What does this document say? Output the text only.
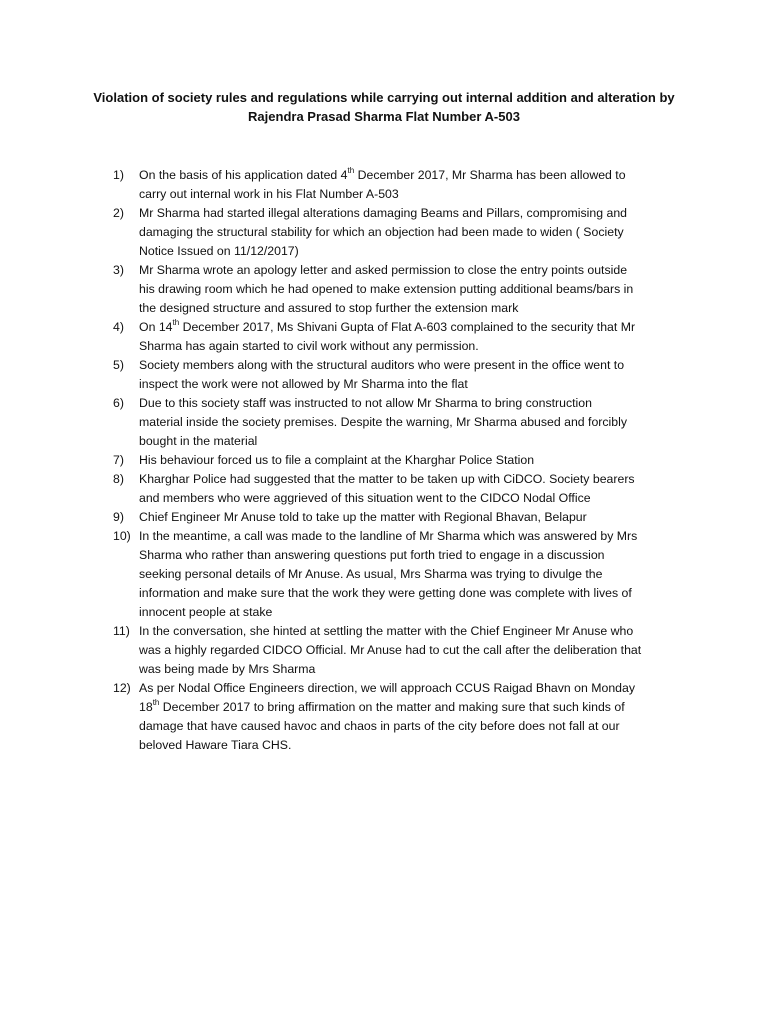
Violation of society rules and regulations while carrying out internal addition and alteration by
Rajendra Prasad Sharma Flat Number A-503
1)	On the basis of his application dated 4th December 2017, Mr Sharma has been allowed to
carry out internal work in his Flat Number A-503
2)	Mr Sharma had started illegal alterations damaging Beams and Pillars, compromising and
damaging the structural stability for which an objection had been made to widen ( Society
Notice Issued on 11/12/2017)
3)	Mr Sharma wrote an apology letter and asked permission to close the entry points outside
his drawing room which he had opened to make extension putting additional beams/bars in
the designed structure and assured to stop further the extension mark
4)	On 14th December 2017, Ms Shivani Gupta of Flat A-603 complained to the security that Mr
Sharma has again started to civil work without any permission.
5)	Society members along with the structural auditors who were present in the office went to
inspect the work were not allowed by Mr Sharma into the flat
6)	Due to this society staff was instructed to not allow Mr Sharma to bring construction
material inside the society premises. Despite the warning, Mr Sharma abused and forcibly
bought in the material
7)	His behaviour forced us to file a complaint at the Kharghar Police Station
8)	Kharghar Police had suggested that the matter to be taken up with CiDCO. Society bearers
and members who were aggrieved of this situation went to the CIDCO Nodal Office
9)	Chief Engineer Mr Anuse told to take up the matter with Regional Bhavan, Belapur
10) In the meantime, a call was made to the landline of Mr Sharma which was answered by Mrs
Sharma who rather than answering questions put forth tried to engage in a discussion
seeking personal details of Mr Anuse. As usual, Mrs Sharma was trying to divulge the
information and make sure that the work they were getting done was complete with lives of
innocent people at stake
11) In the conversation, she hinted at settling the matter with the Chief Engineer Mr Anuse who
was a highly regarded CIDCO Official. Mr Anuse had to cut the call after the deliberation that
was being made by Mrs Sharma
12) As per Nodal Office Engineers direction, we will approach CCUS Raigad Bhavn on Monday
18th December 2017 to bring affirmation on the matter and making sure that such kinds of
damage that have caused havoc and chaos in parts of the city before does not fall at our
beloved Haware Tiara CHS.
